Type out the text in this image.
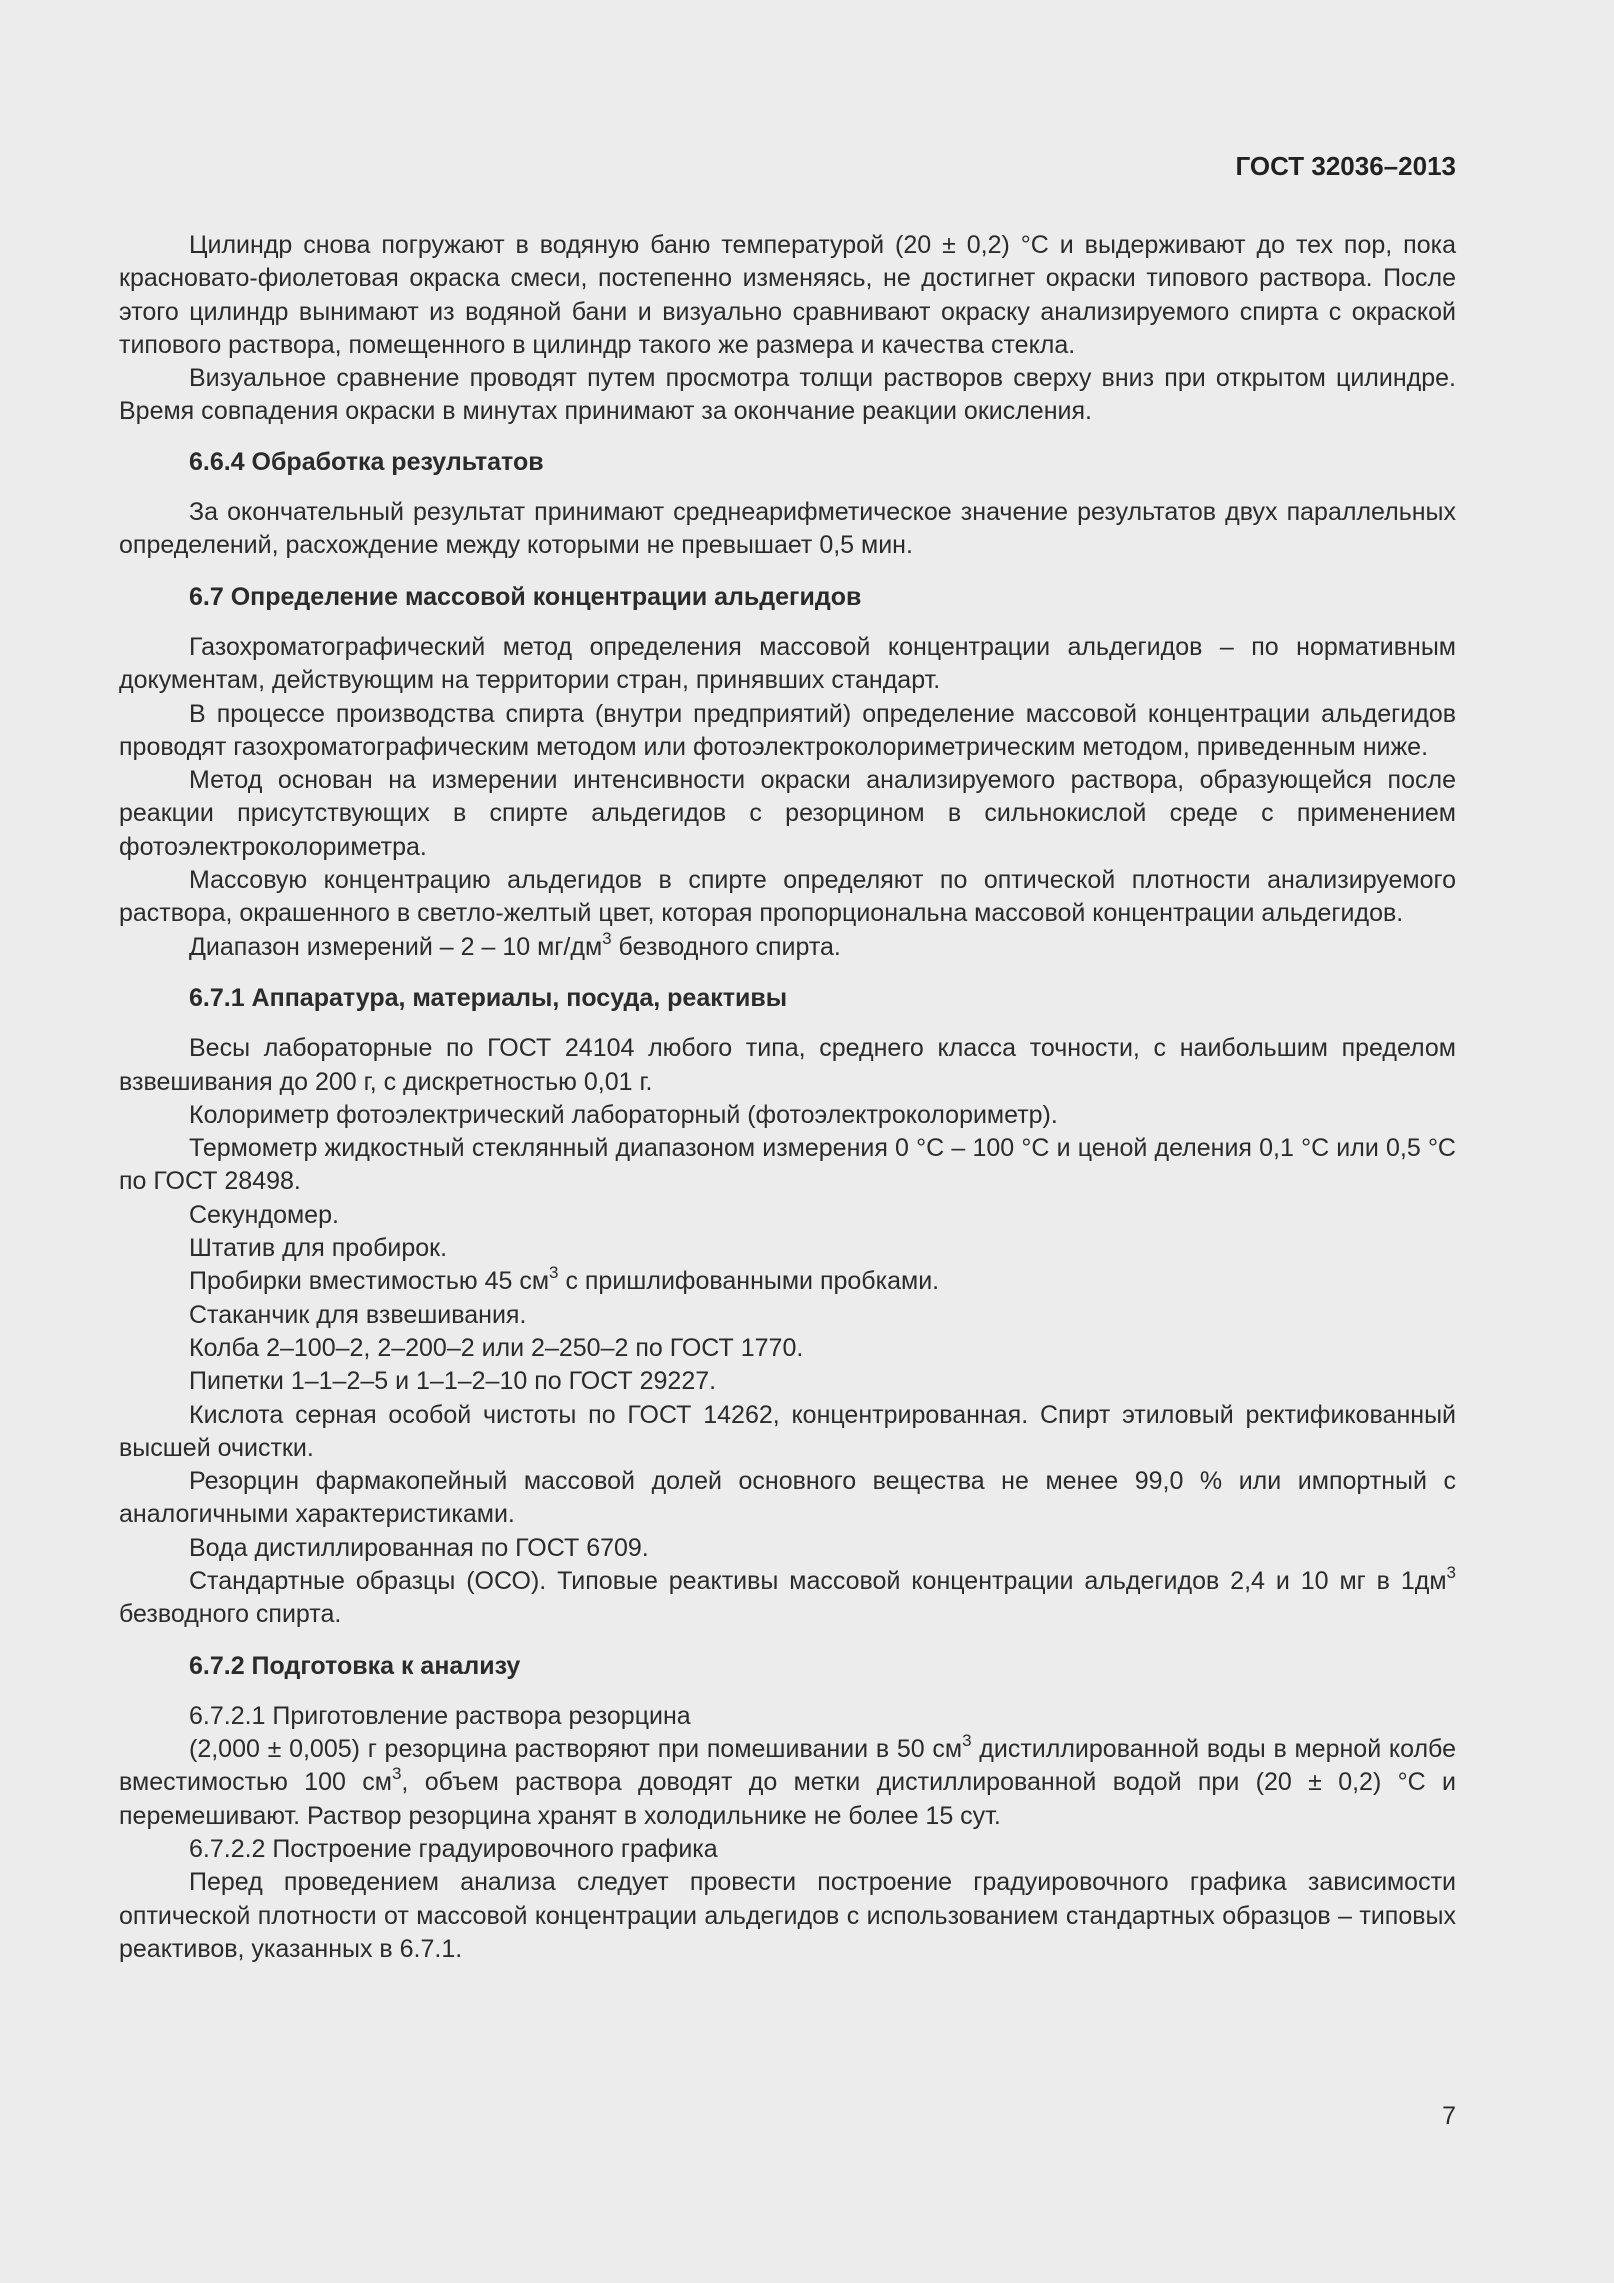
ГОСТ 32036–2013

Цилиндр снова погружают в водяную баню температурой (20 ± 0,2) °С и выдерживают до тех пор, пока красновато-фиолетовая окраска смеси, постепенно изменяясь, не достигнет окраски типового раствора. После этого цилиндр вынимают из водяной бани и визуально сравнивают окраску анализируемого спирта с окраской типового раствора, помещенного в цилиндр такого же размера и качества стекла.

Визуальное сравнение проводят путем просмотра толщи растворов сверху вниз при открытом цилиндре. Время совпадения окраски в минутах принимают за окончание реакции окисления.

6.6.4 Обработка результатов

За окончательный результат принимают среднеарифметическое значение результатов двух параллельных определений, расхождение между которыми не превышает 0,5 мин.

6.7 Определение массовой концентрации альдегидов

Газохроматографический метод определения массовой концентрации альдегидов – по нормативным документам, действующим на территории стран, принявших стандарт.

В процессе производства спирта (внутри предприятий) определение массовой концентрации альдегидов проводят газохроматографическим методом или фотоэлектроколориметрическим методом, приведенным ниже.

Метод основан на измерении интенсивности окраски анализируемого раствора, образующейся после реакции присутствующих в спирте альдегидов с резорцином в сильнокислой среде с применением фотоэлектроколориметра.

Массовую концентрацию альдегидов в спирте определяют по оптической плотности анализируемого раствора, окрашенного в светло-желтый цвет, которая пропорциональна массовой концентрации альдегидов.

Диапазон измерений – 2 – 10 $мг/дм^3$ безводного спирта.

6.7.1 Аппаратура, материалы, посуда, реактивы

Весы лабораторные по ГОСТ 24104 любого типа, среднего класса точности, с наибольшим пределом взвешивания до 200 г, с дискретностью 0,01 г.

Колориметр фотоэлектрический лабораторный (фотоэлектроколориметр).

Термометр жидкостный стеклянный диапазоном измерения 0 °С – 100 °С и ценой деления 0,1 °С или 0,5 °С по ГОСТ 28498.

Секундомер.

Штатив для пробирок.

Пробирки вместимостью 45 $см^3$ с пришлифованными пробками.

Стаканчик для взвешивания.

Колба 2–100–2, 2–200–2 или 2–250–2 по ГОСТ 1770.

Пипетки 1–1–2–5 и 1–1–2–10 по ГОСТ 29227.

Кислота серная особой чистоты по ГОСТ 14262, концентрированная. Спирт этиловый ректификованный высшей очистки.

Резорцин фармакопейный массовой долей основного вещества не менее 99,0 % или импортный с аналогичными характеристиками.

Вода дистиллированная по ГОСТ 6709.

Стандартные образцы (ОСО). Типовые реактивы массовой концентрации альдегидов 2,4 и 10 мг в $1дм^3$ безводного спирта.

6.7.2 Подготовка к анализу

6.7.2.1 Приготовление раствора резорцина

(2,000 ± 0,005) г резорцина растворяют при помешивании в 50 $см^3$ дистиллированной воды в мерной колбе вместимостью 100 $см^3$, объем раствора доводят до метки дистиллированной водой при (20 ± 0,2) °С и перемешивают. Раствор резорцина хранят в холодильнике не более 15 сут.

6.7.2.2 Построение градуировочного графика

Перед проведением анализа следует провести построение градуировочного графика зависимости оптической плотности от массовой концентрации альдегидов с использованием стандартных образцов – типовых реактивов, указанных в 6.7.1.

7
